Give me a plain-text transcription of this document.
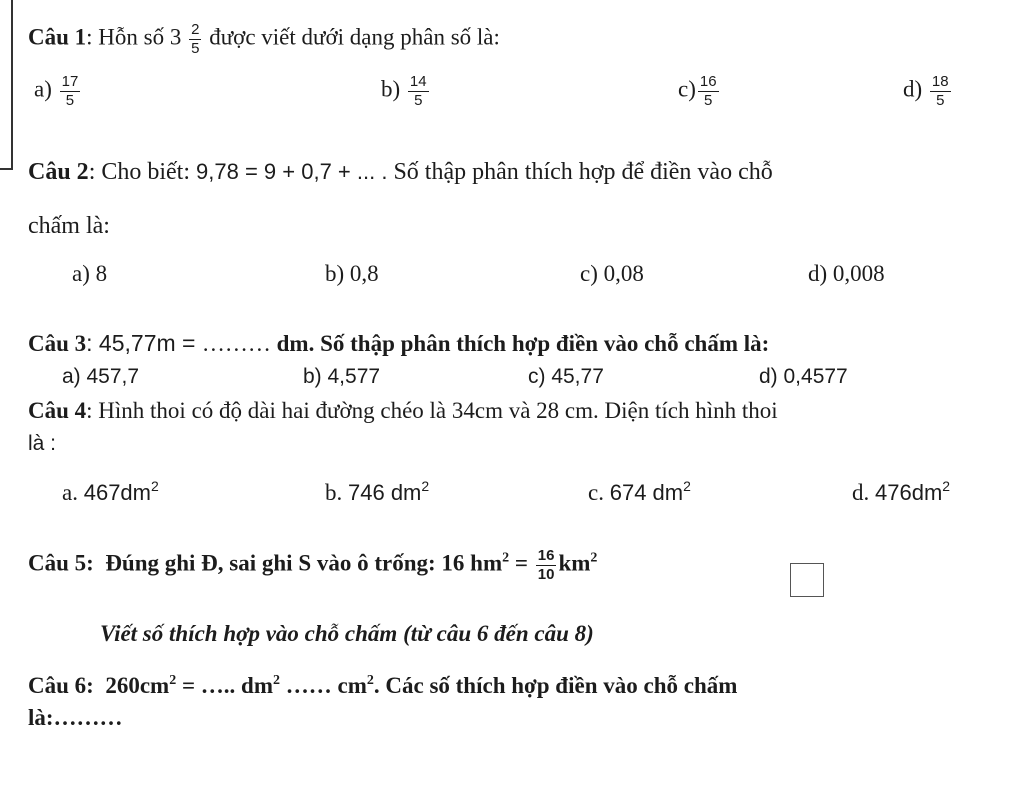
Câu 1: Hỗn số $3 \frac{2}{5}$ được viết dưới dạng phân số là:
$a) \frac{17}{5}$	$b) \frac{14}{5}$	$c) \frac{16}{5}$	$d) \frac{18}{5}$
Câu 2: Cho biết: 9,78 = 9 + 0,7 + ... . Số thập phân thích hợp để điền vào chỗ
chấm là:
a) 8	b) 0,8	c) 0,08	d) 0,008
Câu 3: 45,77m = ……… dm. Số thập phân thích hợp điền vào chỗ chấm là:
a) 457,7	b) 4,577	c) 45,77	d) 0,4577
Câu 4: Hình thoi có độ dài hai đường chéo là 34cm và 28 cm. Diện tích hình thoi
là :
a. $467dm^2$	b. 746 $dm^2$	c. 674 $dm^2$	d. $476dm^2$
Câu 5: Đúng ghi Đ, sai ghi S vào ô trống: 16 $hm^2 = \frac{16}{10} km^2$
Viết số thích hợp vào chỗ chấm (từ câu 6 đến câu 8)
Câu 6: $260cm^2$ = ….. $dm^2$ …… $cm^2$. Các số thích hợp điền vào chỗ chấm
là:………
